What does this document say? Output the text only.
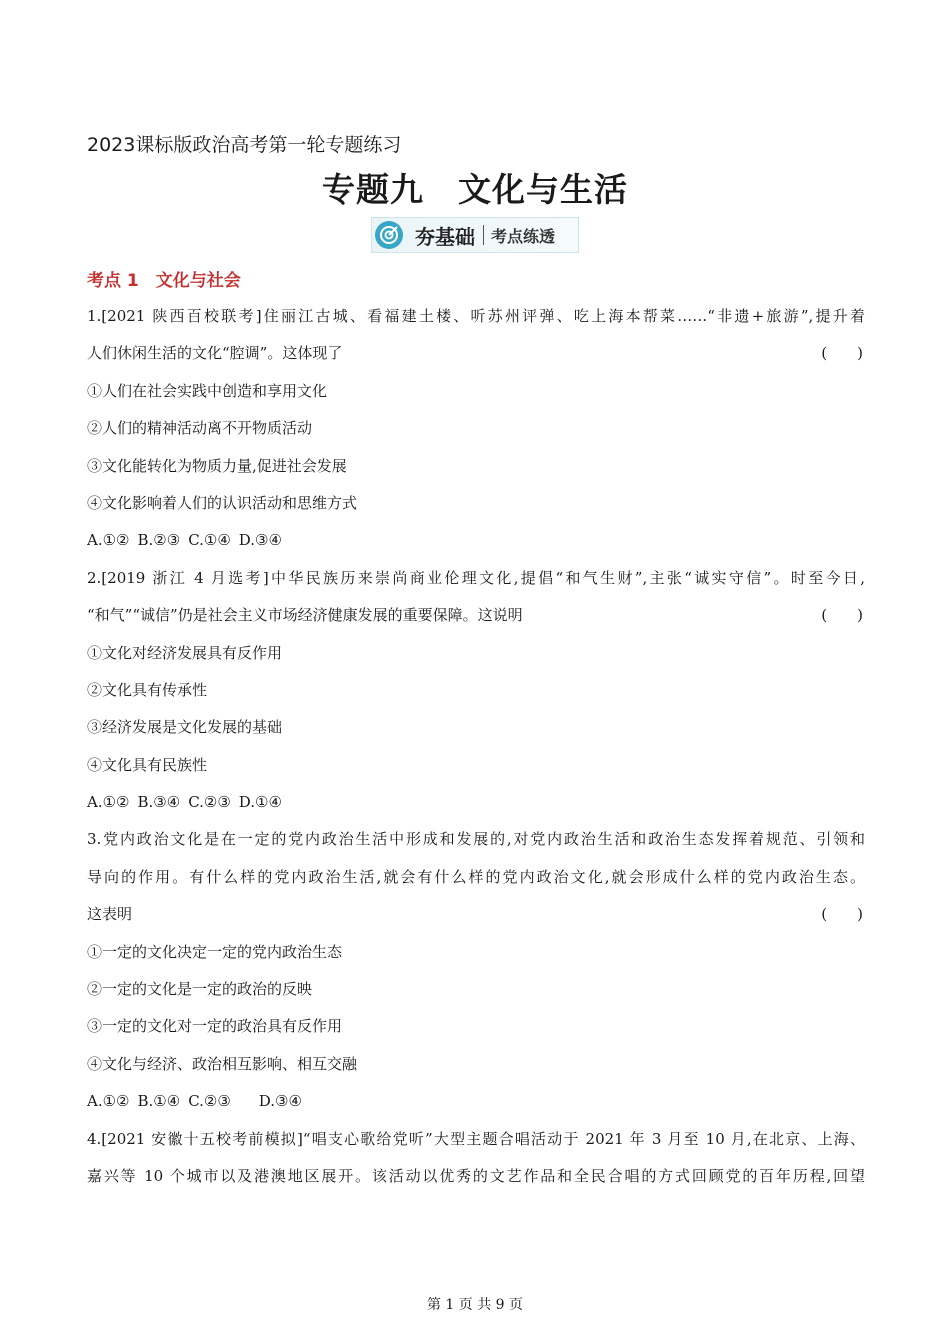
2023课标版政治高考第一轮专题练习
专题九　文化与生活
夯基础 考点练透
考点 1　文化与社会
1.[2021 陕西百校联考]住丽江古城、看福建土楼、听苏州评弹、吃上海本帮菜……“非遗+旅游”,提升着
人们休闲生活的文化“腔调”。这体现了	(　　)
①人们在社会实践中创造和享用文化
②人们的精神活动离不开物质活动
③文化能转化为物质力量,促进社会发展
④文化影响着人们的认识活动和思维方式
A.①② B.②③ C.①④ D.③④
2.[2019 浙江 4 月选考]中华民族历来崇尚商业伦理文化,提倡“和气生财”,主张“诚实守信”。时至今日,
“和气”“诚信”仍是社会主义市场经济健康发展的重要保障。这说明	(　　)
①文化对经济发展具有反作用
②文化具有传承性
③经济发展是文化发展的基础
④文化具有民族性
A.①② B.③④ C.②③ D.①④
3.党内政治文化是在一定的党内政治生活中形成和发展的,对党内政治生活和政治生态发挥着规范、引领和
导向的作用。有什么样的党内政治生活,就会有什么样的党内政治文化,就会形成什么样的党内政治生态。
这表明	(　　)
①一定的文化决定一定的党内政治生态
②一定的文化是一定的政治的反映
③一定的文化对一定的政治具有反作用
④文化与经济、政治相互影响、相互交融
A.①② B.①④ C.②③ D.③④
4.[2021 安徽十五校考前模拟]“唱支心歌给党听”大型主题合唱活动于 2021 年 3 月至 10 月,在北京、上海、
嘉兴等 10 个城市以及港澳地区展开。该活动以优秀的文艺作品和全民合唱的方式回顾党的百年历程,回望
第 1 页 共 9 页
